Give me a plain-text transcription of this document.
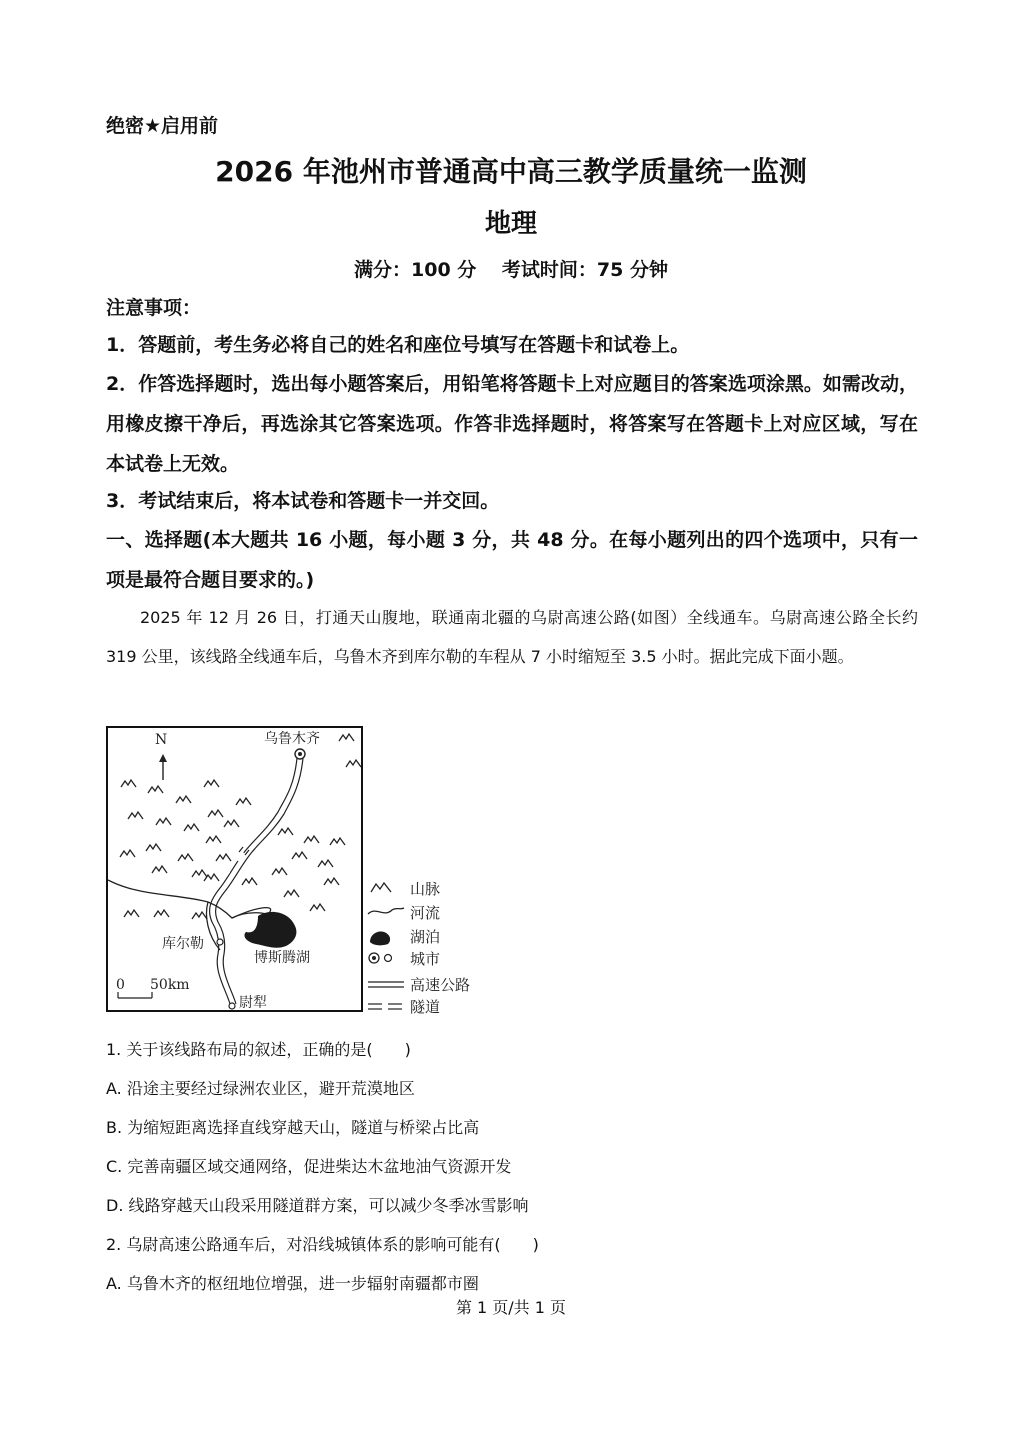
绝密★启用前
2026 年池州市普通高中高三教学质量统一监测
地理
满分：100 分　 考试时间：75 分钟
注意事项：
1．答题前，考生务必将自己的姓名和座位号填写在答题卡和试卷上。
2．作答选择题时，选出每小题答案后，用铅笔将答题卡上对应题目的答案选项涂黑。如需改动，用橡皮擦干净后，再选涂其它答案选项。作答非选择题时，将答案写在答题卡上对应区域，写在本试卷上无效。
3．考试结束后，将本试卷和答题卡一并交回。
一、选择题(本大题共 16 小题，每小题 3 分，共 48 分。在每小题列出的四个选项中，只有一项是最符合题目要求的。)
2025 年 12 月 26 日，打通天山腹地，联通南北疆的乌尉高速公路(如图）全线通车。乌尉高速公路全长约 319 公里，该线路全线通车后，乌鲁木齐到库尔勒的车程从 7 小时缩短至 3.5 小时。据此完成下面小题。
N	乌鲁木齐
库尔勒
博斯腾湖
尉犁
0 50km
山脉
河流
湖泊
城市
高速公路
隧道
1. 关于该线路布局的叙述，正确的是(　　)
A. 沿途主要经过绿洲农业区，避开荒漠地区
B. 为缩短距离选择直线穿越天山，隧道与桥梁占比高
C. 完善南疆区域交通网络，促进柴达木盆地油气资源开发
D. 线路穿越天山段采用隧道群方案，可以减少冬季冰雪影响
2. 乌尉高速公路通车后，对沿线城镇体系的影响可能有(　　)
A. 乌鲁木齐的枢纽地位增强，进一步辐射南疆都市圈
第 1 页/共 1 页
